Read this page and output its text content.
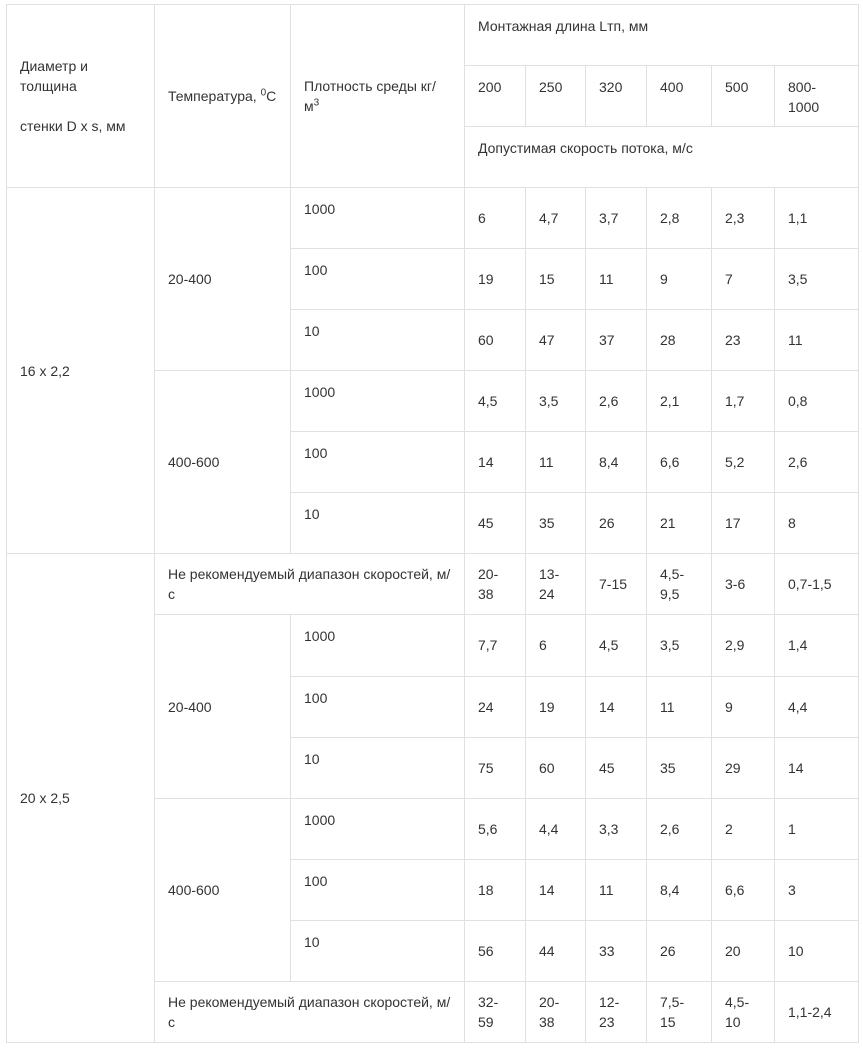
Диаметр и
толщина

стенки D x s, мм	Температура, $^0$C	Плотность среды $кг/м^3$	Монтажная длина Lтп, мм					
			200	250	320	400	500	800-1000
			Допустимая скорость потока, м/с					
16 x 2,2	20-400	1000	6	4,7	3,7	2,8	2,3	1,1
		100	19	15	11	9	7	3,5
		10	60	47	37	28	23	11
	400-600	1000	4,5	3,5	2,6	2,1	1,7	0,8
		100	14	11	8,4	6,6	5,2	2,6
		10	45	35	26	21	17	8
20 x 2,5	Не рекомендуемый диапазон скоростей, м/с		20-38	13-24	7-15	4,5-9,5	3-6	0,7-1,5
	20-400	1000	7,7	6	4,5	3,5	2,9	1,4
		100	24	19	14	11	9	4,4
		10	75	60	45	35	29	14
	400-600	1000	5,6	4,4	3,3	2,6	2	1
		100	18	14	11	8,4	6,6	3
		10	56	44	33	26	20	10
	Не рекомендуемый диапазон скоростей, м/с		32-59	20-38	12-23	7,5-15	4,5-10	1,1-2,4
